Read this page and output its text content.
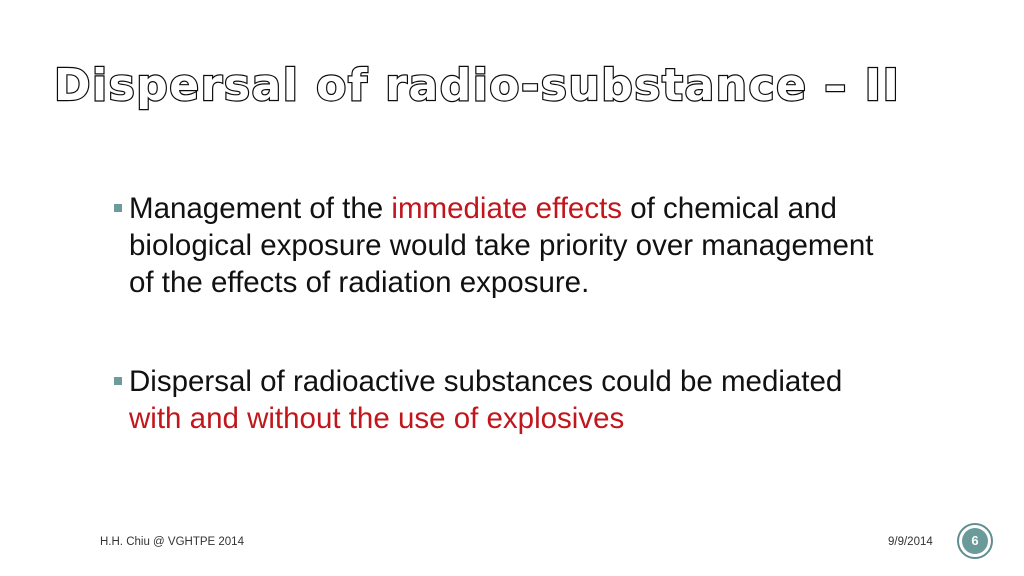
Dispersal of radio-substance – II
Management of the immediate effects of chemical and biological exposure would take priority over management of the effects of radiation exposure.
Dispersal of radioactive substances could be mediated with and without the use of explosives
H.H. Chiu @ VGHTPE 2014	9/9/2014	6
